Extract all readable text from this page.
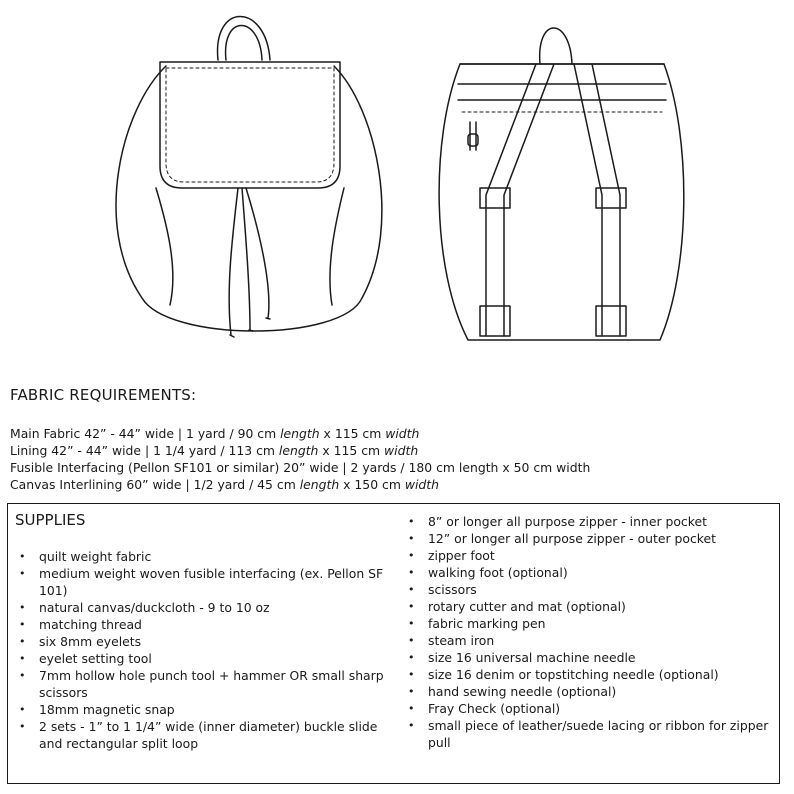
FABRIC REQUIREMENTS:
Main Fabric 42” - 44” wide | 1 yard / 90 cm length x 115 cm width
Lining 42” - 44” wide | 1 1/4 yard / 113 cm length x 115 cm width
Fusible Interfacing (Pellon SF101 or similar) 20” wide | 2 yards / 180 cm length x 50 cm width
Canvas Interlining 60” wide | 1/2 yard / 45 cm length x 150 cm width
SUPPLIES
• quilt weight fabric
• medium weight woven fusible interfacing (ex. Pellon SF 101)
• natural canvas/duckcloth - 9 to 10 oz
• matching thread
• six 8mm eyelets
• eyelet setting tool
• 7mm hollow hole punch tool + hammer OR small sharp scissors
• 18mm magnetic snap
• 2 sets - 1” to 1 1/4” wide (inner diameter) buckle slide and rectangular split loop
• 8” or longer all purpose zipper - inner pocket
• 12” or longer all purpose zipper - outer pocket
• zipper foot
• walking foot (optional)
• scissors
• rotary cutter and mat (optional)
• fabric marking pen
• steam iron
• size 16 universal machine needle
• size 16 denim or topstitching needle (optional)
• hand sewing needle (optional)
• Fray Check (optional)
• small piece of leather/suede lacing or ribbon for zipper pull
